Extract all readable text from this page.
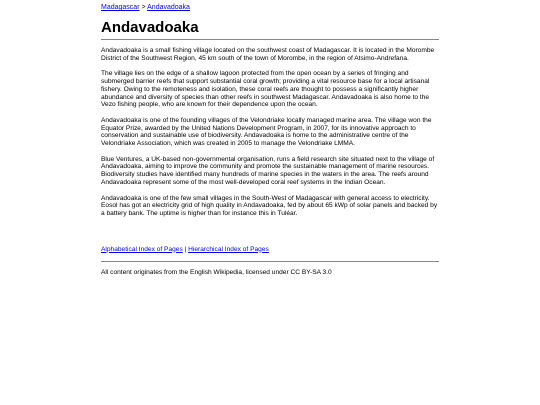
Madagascar > Andavadoaka
Andavadoaka

Andavadoaka is a small fishing village located on the southwest coast of Madagascar. It is located in the Morombe District of the Southwest Region, 45 km south of the town of Morombe, in the region of Atsimo-Andrefana.

The village lies on the edge of a shallow lagoon protected from the open ocean by a series of fringing and submerged barrier reefs that support substantial coral growth; providing a vital resource base for a local artisanal fishery. Owing to the remoteness and isolation, these coral reefs are thought to possess a significantly higher abundance and diversity of species than other reefs in southwest Madagascar. Andavadoaka is also home to the Vezo fishing people, who are known for their dependence upon the ocean.

Andavadoaka is one of the founding villages of the Velondriake locally managed marine area. The village won the Equator Prize, awarded by the United Nations Development Program, in 2007, for its innovative approach to conservation and sustainable use of biodiversity. Andavadoaka is home to the administrative centre of the Velondriake Association, which was created in 2005 to manage the Velondriake LMMA.

Blue Ventures, a UK-based non-governmental organisation, runs a field research site situated next to the village of Andavadoaka, aiming to improve the community and promote the sustainable management of marine resources. Biodiversity studies have identified many hundreds of marine species in the waters in the area. The reefs around Andavadoaka represent some of the most well-developed coral reef systems in the Indian Ocean.

Andavadoaka is one of the few small villages in the South-West of Madagascar with general access to electricity. Eosol has got an electricity grid of high quality in Andavadoaka, fed by about 65 kWp of solar panels and backed by a battery bank. The uptime is higher than for instance this in Tuléar.

Alphabetical Index of Pages | Hierarchical Index of Pages
All content originates from the English Wikipedia, licensed under CC BY-SA 3.0
